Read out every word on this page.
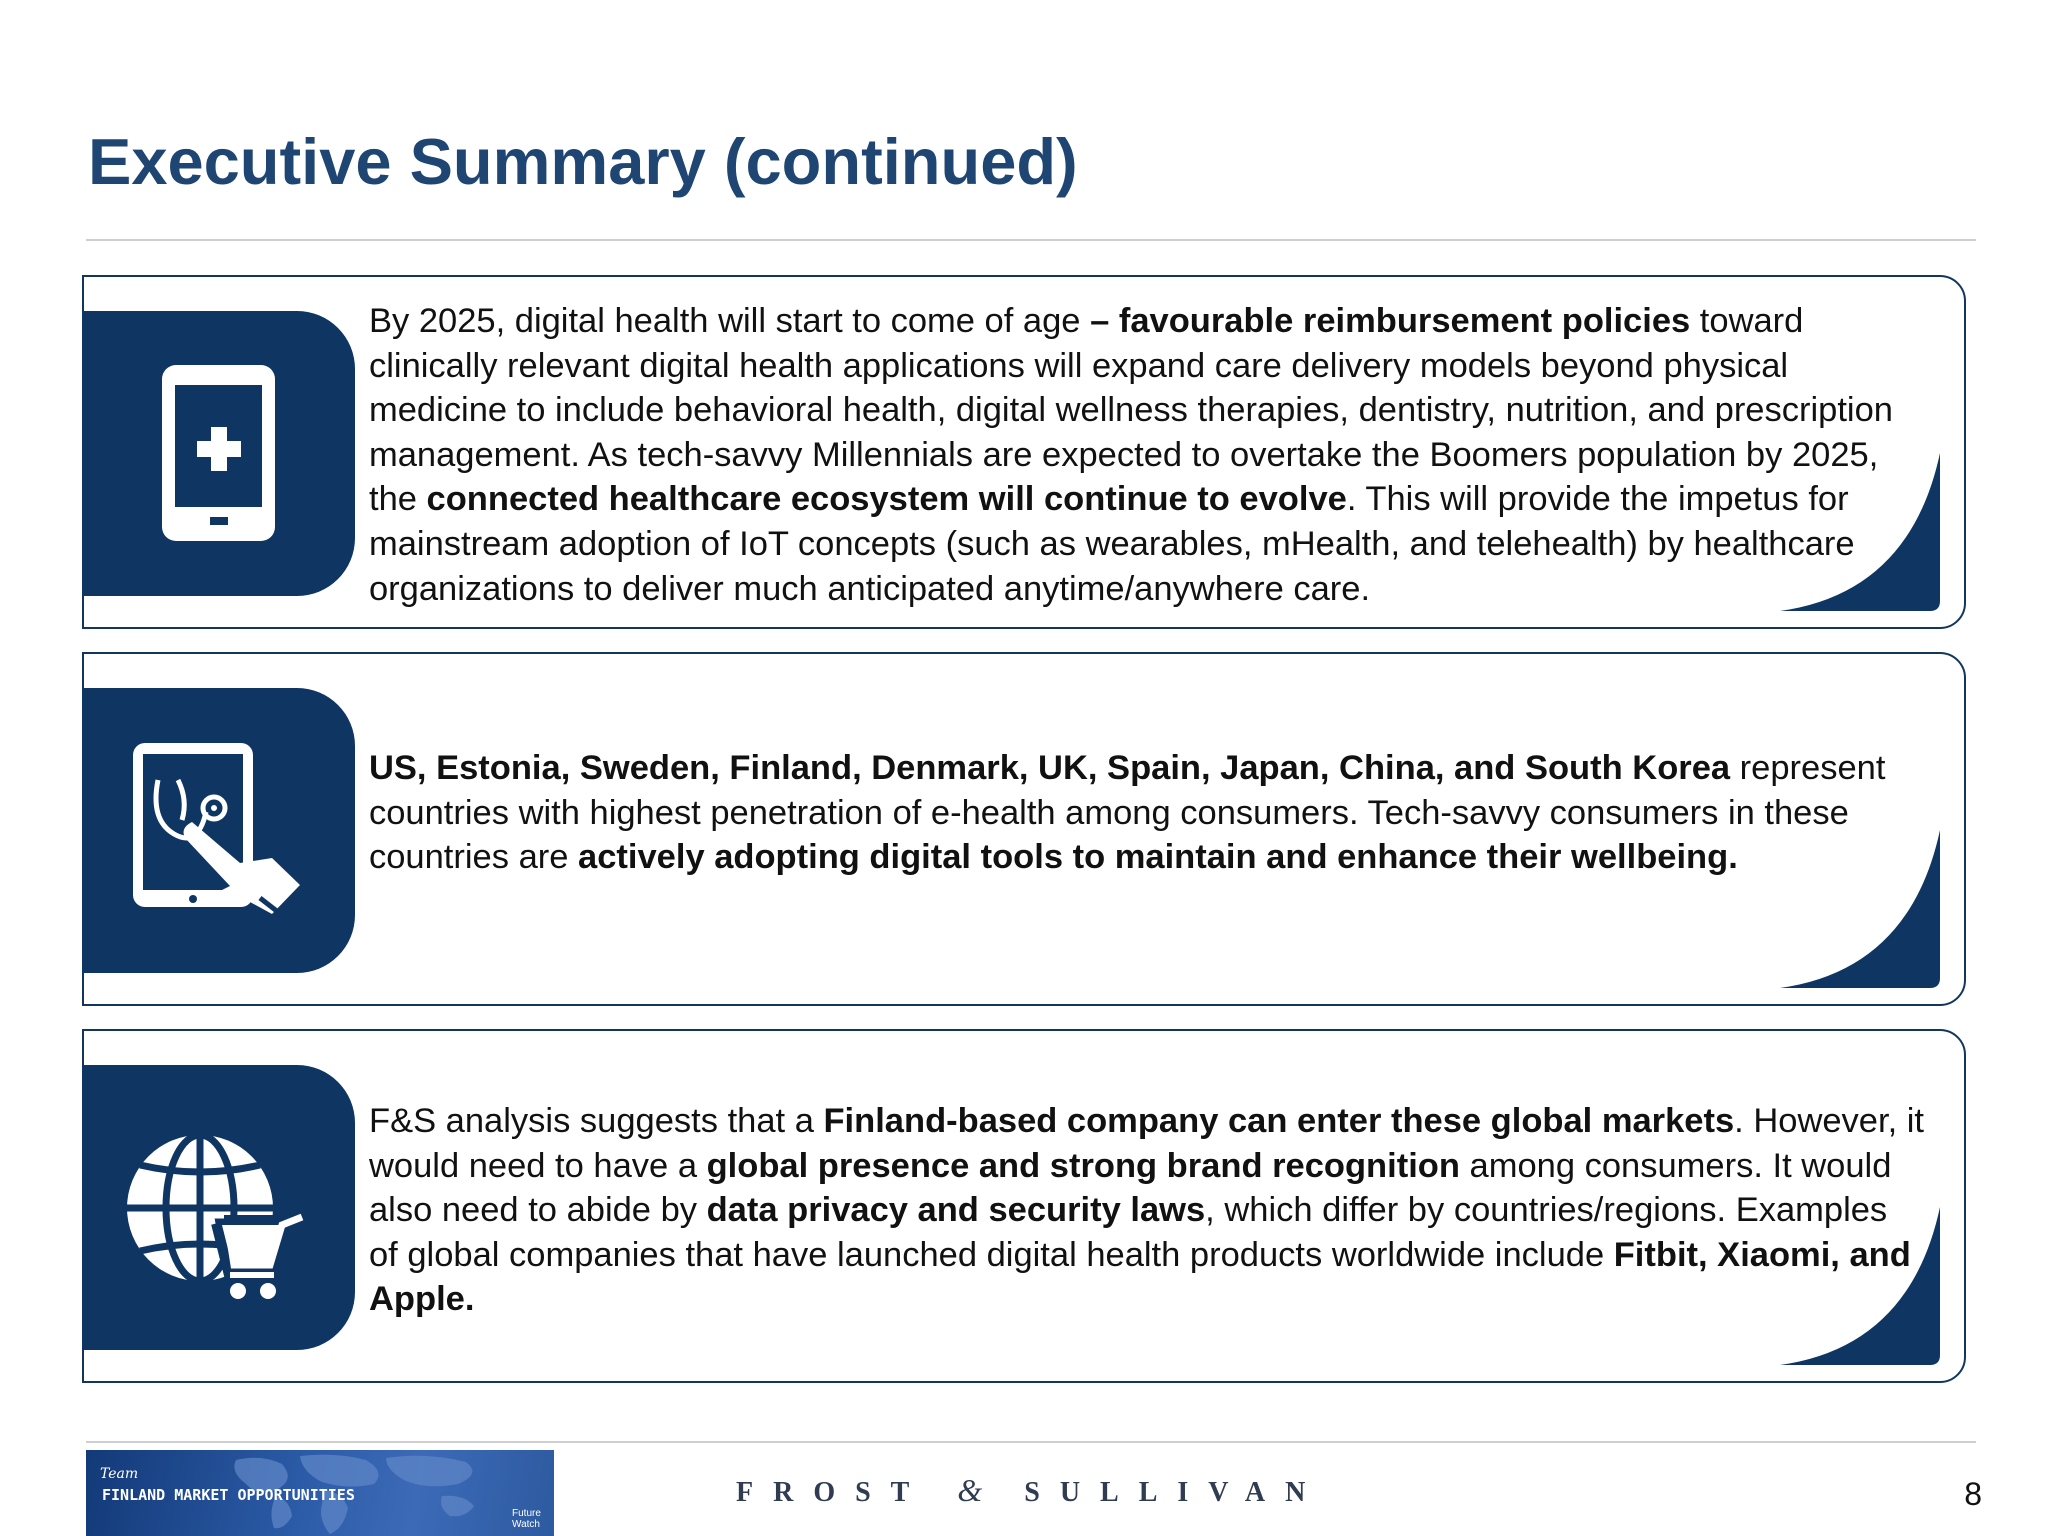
Executive Summary (continued)
By 2025, digital health will start to come of age – favourable reimbursement policies toward clinically relevant digital health applications will expand care delivery models beyond physical medicine to include behavioral health, digital wellness therapies, dentistry, nutrition, and prescription management. As tech-savvy Millennials are expected to overtake the Boomers population by 2025, the connected healthcare ecosystem will continue to evolve. This will provide the impetus for mainstream adoption of IoT concepts (such as wearables, mHealth, and telehealth) by healthcare organizations to deliver much anticipated anytime/anywhere care.
US, Estonia, Sweden, Finland, Denmark, UK, Spain, Japan, China, and South Korea represent countries with highest penetration of e-health among consumers. Tech-savvy consumers in these countries are actively adopting digital tools to maintain and enhance their wellbeing.
F&S analysis suggests that a Finland-based company can enter these global markets. However, it would need to have a global presence and strong brand recognition among consumers. It would also need to abide by data privacy and security laws, which differ by countries/regions. Examples of global companies that have launched digital health products worldwide include Fitbit, Xiaomi, and Apple.
Team
FINLAND MARKET OPPORTUNITIES
Future
Watch
FROST & SULLIVAN	8
